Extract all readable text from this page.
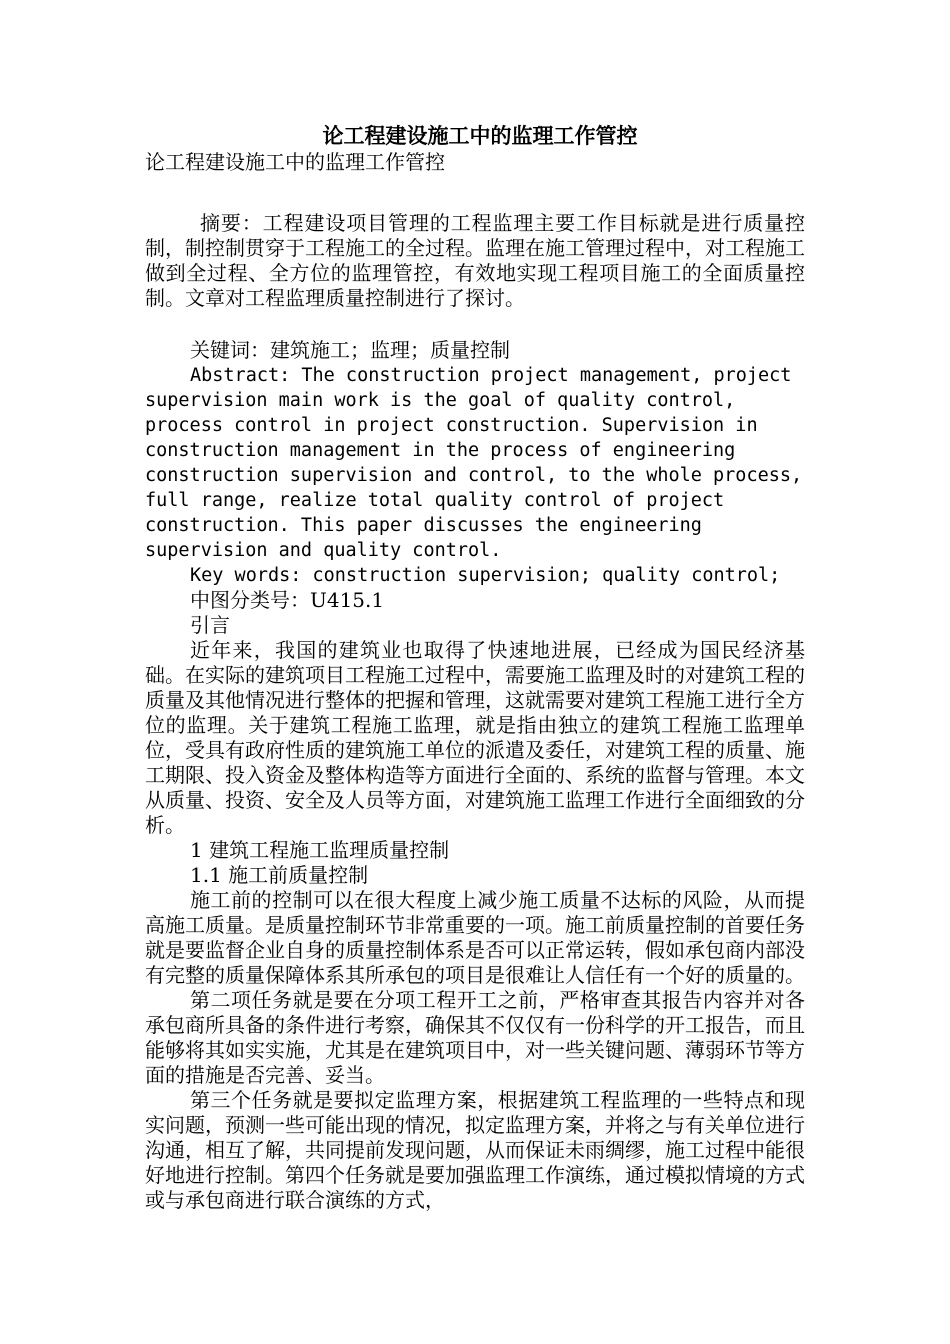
论工程建设施工中的监理工作管控

论工程建设施工中的监理工作管控

摘要：工程建设项目管理的工程监理主要工作目标就是进行质量控制，制控制贯穿于工程施工的全过程。监理在施工管理过程中，对工程施工做到全过程、全方位的监理管控，有效地实现工程项目施工的全面质量控制。文章对工程监理质量控制进行了探讨。

关键词：建筑施工；监理；质量控制

Abstract: The construction project management, project supervision main work is the goal of quality control, process control in project construction. Supervision in construction management in the process of engineering construction supervision and control, to the whole process, full range, realize total quality control of project construction. This paper discusses the engineering supervision and quality control.

Key words: construction supervision; quality control;

中图分类号：U415.1

引言

近年来，我国的建筑业也取得了快速地进展，已经成为国民经济基础。在实际的建筑项目工程施工过程中，需要施工监理及时的对建筑工程的质量及其他情况进行整体的把握和管理，这就需要对建筑工程施工进行全方位的监理。关于建筑工程施工监理，就是指由独立的建筑工程施工监理单位，受具有政府性质的建筑施工单位的派遣及委任，对建筑工程的质量、施工期限、投入资金及整体构造等方面进行全面的、系统的监督与管理。本文从质量、投资、安全及人员等方面，对建筑施工监理工作进行全面细致的分析。

1 建筑工程施工监理质量控制

1.1 施工前质量控制

施工前的控制可以在很大程度上减少施工质量不达标的风险，从而提高施工质量。是质量控制环节非常重要的一项。施工前质量控制的首要任务就是要监督企业自身的质量控制体系是否可以正常运转，假如承包商内部没有完整的质量保障体系其所承包的项目是很难让人信任有一个好的质量的。

第二项任务就是要在分项工程开工之前，严格审查其报告内容并对各承包商所具备的条件进行考察，确保其不仅仅有一份科学的开工报告，而且能够将其如实实施，尤其是在建筑项目中，对一些关键问题、薄弱环节等方面的措施是否完善、妥当。

第三个任务就是要拟定监理方案，根据建筑工程监理的一些特点和现实问题，预测一些可能出现的情况，拟定监理方案，并将之与有关单位进行沟通，相互了解，共同提前发现问题，从而保证未雨绸缪，施工过程中能很好地进行控制。第四个任务就是要加强监理工作演练，通过模拟情境的方式或与承包商进行联合演练的方式，
